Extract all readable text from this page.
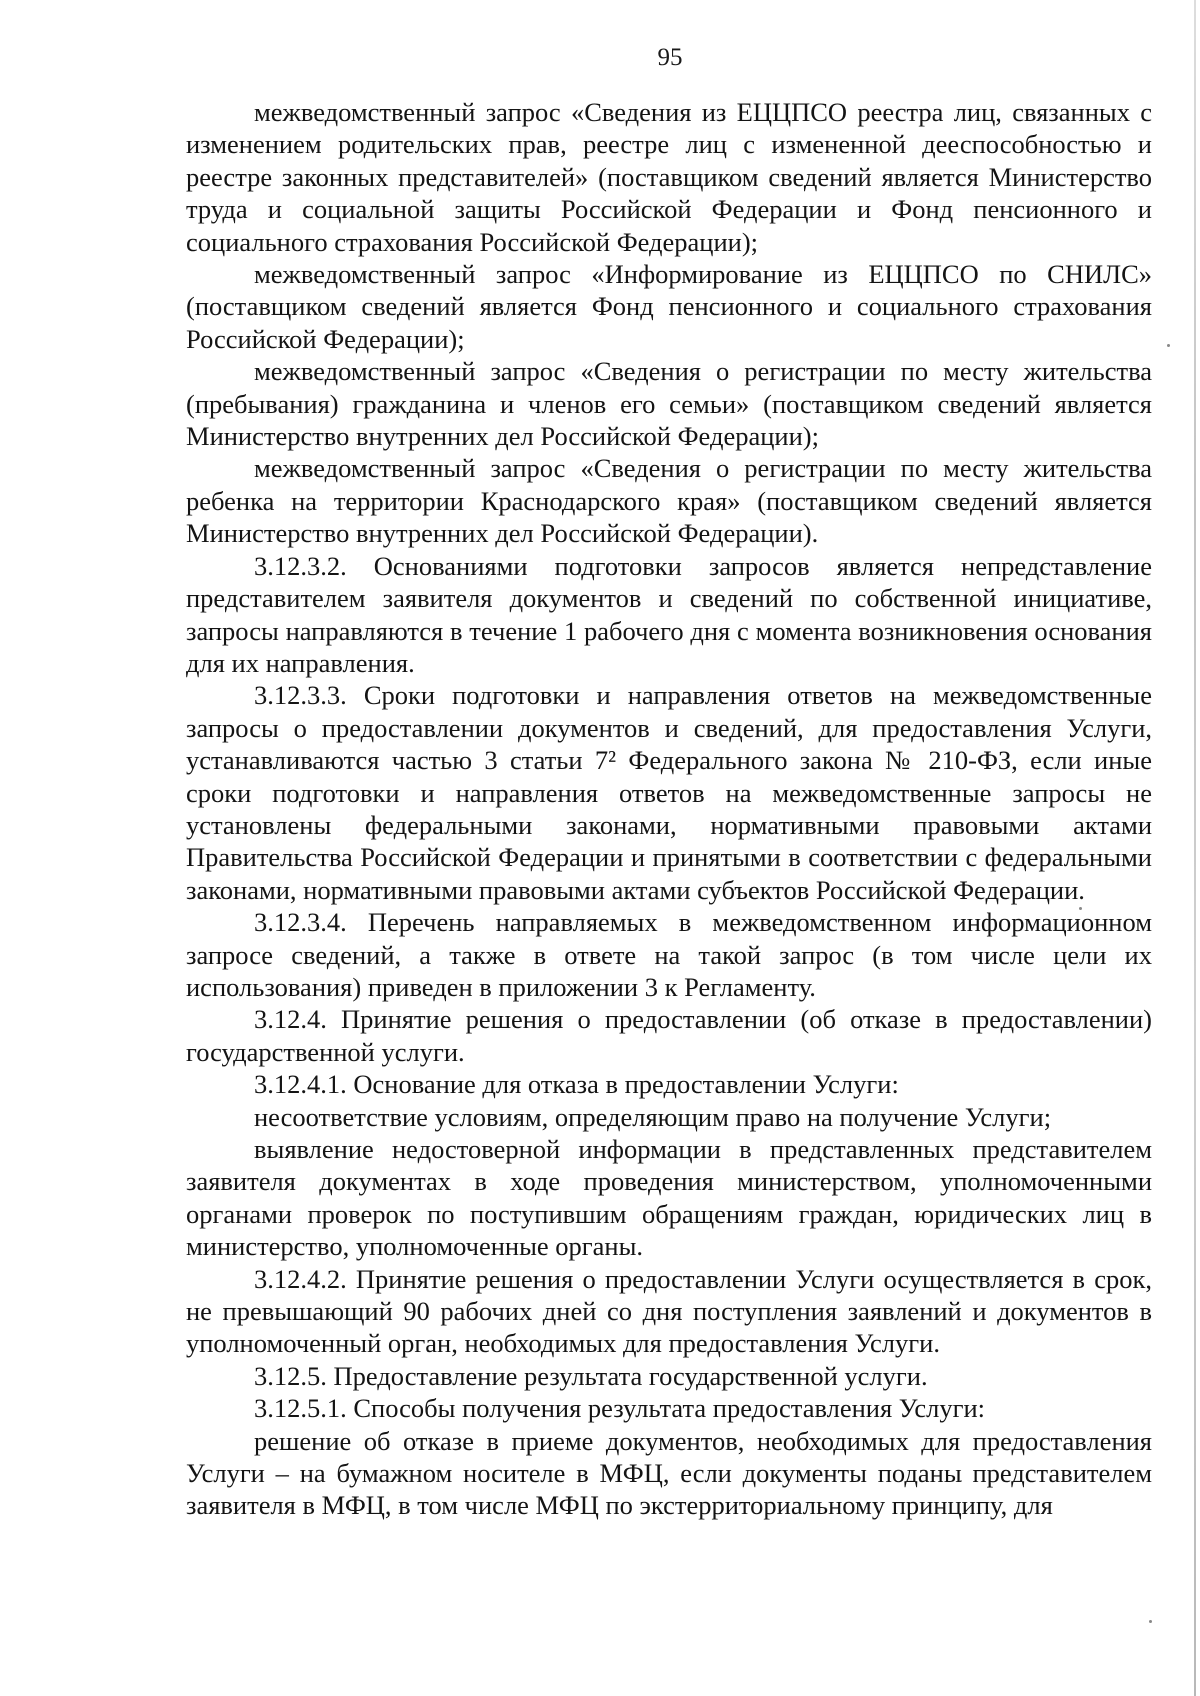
95

межведомственный запрос «Сведения из ЕЦЦПСО реестра лиц, связанных с изменением родительских прав, реестре лиц с измененной дееспособностью и реестре законных представителей» (поставщиком сведений является Министерство труда и социальной защиты Российской Федерации и Фонд пенсионного и социального страхования Российской Федерации);

межведомственный запрос «Информирование из ЕЦЦПСО по СНИЛС» (поставщиком сведений является Фонд пенсионного и социального страхования Российской Федерации);

межведомственный запрос «Сведения о регистрации по месту жительства (пребывания) гражданина и членов его семьи» (поставщиком сведений является Министерство внутренних дел Российской Федерации);

межведомственный запрос «Сведения о регистрации по месту жительства ребенка на территории Краснодарского края» (поставщиком сведений является Министерство внутренних дел Российской Федерации).

3.12.3.2. Основаниями подготовки запросов является непредставление представителем заявителя документов и сведений по собственной инициативе, запросы направляются в течение 1 рабочего дня с момента возникновения основания для их направления.

3.12.3.3. Сроки подготовки и направления ответов на межведомственные запросы о предоставлении документов и сведений, для предоставления Услуги, устанавливаются частью 3 статьи 7² Федерального закона № 210-ФЗ, если иные сроки подготовки и направления ответов на межведомственные запросы не установлены федеральными законами, нормативными правовыми актами Правительства Российской Федерации и принятыми в соответствии с федеральными законами, нормативными правовыми актами субъектов Российской Федерации.

3.12.3.4. Перечень направляемых в межведомственном информационном запросе сведений, а также в ответе на такой запрос (в том числе цели их использования) приведен в приложении 3 к Регламенту.

3.12.4. Принятие решения о предоставлении (об отказе в предоставлении) государственной услуги.

3.12.4.1. Основание для отказа в предоставлении Услуги:

несоответствие условиям, определяющим право на получение Услуги;

выявление недостоверной информации в представленных представителем заявителя документах в ходе проведения министерством, уполномоченными органами проверок по поступившим обращениям граждан, юридических лиц в министерство, уполномоченные органы.

3.12.4.2. Принятие решения о предоставлении Услуги осуществляется в срок, не превышающий 90 рабочих дней со дня поступления заявлений и документов в уполномоченный орган, необходимых для предоставления Услуги.

3.12.5. Предоставление результата государственной услуги.

3.12.5.1. Способы получения результата предоставления Услуги:

решение об отказе в приеме документов, необходимых для предоставления Услуги – на бумажном носителе в МФЦ, если документы поданы представителем заявителя в МФЦ, в том числе МФЦ по экстерриториальному принципу, для
